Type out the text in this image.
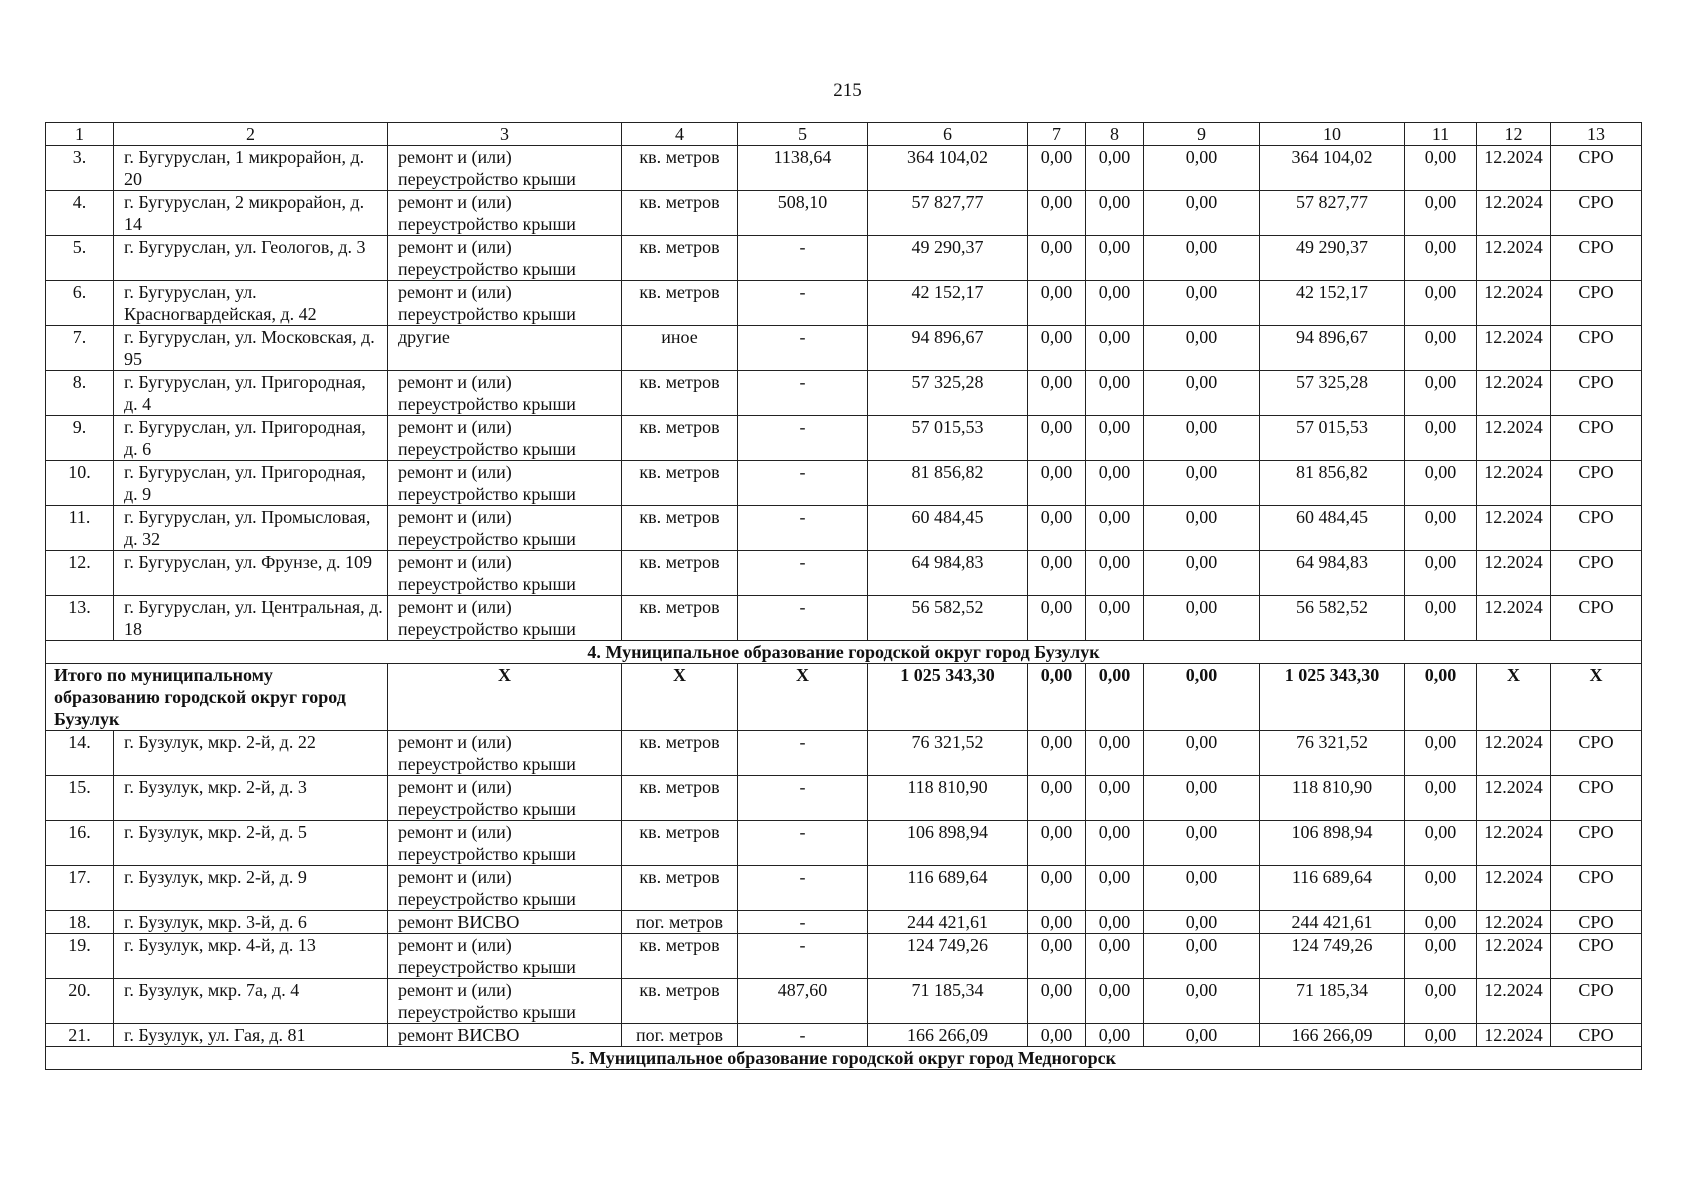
215
1	2	3	4	5	6	7	8	9	10	11	12	13
3.	г. Бугуруслан, 1 микрорайон, д. 20	ремонт и (или) переустройство крыши	кв. метров	1138,64	364 104,02	0,00	0,00	0,00	364 104,02	0,00	12.2024	СРО
4.	г. Бугуруслан, 2 микрорайон, д. 14	ремонт и (или) переустройство крыши	кв. метров	508,10	57 827,77	0,00	0,00	0,00	57 827,77	0,00	12.2024	СРО
5.	г. Бугуруслан, ул. Геологов, д. 3	ремонт и (или) переустройство крыши	кв. метров	-	49 290,37	0,00	0,00	0,00	49 290,37	0,00	12.2024	СРО
6.	г. Бугуруслан, ул. Красногвардейская, д. 42	ремонт и (или) переустройство крыши	кв. метров	-	42 152,17	0,00	0,00	0,00	42 152,17	0,00	12.2024	СРО
7.	г. Бугуруслан, ул. Московская, д. 95	другие	иное	-	94 896,67	0,00	0,00	0,00	94 896,67	0,00	12.2024	СРО
8.	г. Бугуруслан, ул. Пригородная, д. 4	ремонт и (или) переустройство крыши	кв. метров	-	57 325,28	0,00	0,00	0,00	57 325,28	0,00	12.2024	СРО
9.	г. Бугуруслан, ул. Пригородная, д. 6	ремонт и (или) переустройство крыши	кв. метров	-	57 015,53	0,00	0,00	0,00	57 015,53	0,00	12.2024	СРО
10.	г. Бугуруслан, ул. Пригородная, д. 9	ремонт и (или) переустройство крыши	кв. метров	-	81 856,82	0,00	0,00	0,00	81 856,82	0,00	12.2024	СРО
11.	г. Бугуруслан, ул. Промысловая, д. 32	ремонт и (или) переустройство крыши	кв. метров	-	60 484,45	0,00	0,00	0,00	60 484,45	0,00	12.2024	СРО
12.	г. Бугуруслан, ул. Фрунзе, д. 109	ремонт и (или) переустройство крыши	кв. метров	-	64 984,83	0,00	0,00	0,00	64 984,83	0,00	12.2024	СРО
13.	г. Бугуруслан, ул. Центральная, д. 18	ремонт и (или) переустройство крыши	кв. метров	-	56 582,52	0,00	0,00	0,00	56 582,52	0,00	12.2024	СРО
4. Муниципальное образование городской округ город Бузулук												
Итого по муниципальному образованию городской округ город Бузулук		X	X	X	1 025 343,30	0,00	0,00	0,00	1 025 343,30	0,00	X	X
14.	г. Бузулук, мкр. 2-й, д. 22	ремонт и (или) переустройство крыши	кв. метров	-	76 321,52	0,00	0,00	0,00	76 321,52	0,00	12.2024	СРО
15.	г. Бузулук, мкр. 2-й, д. 3	ремонт и (или) переустройство крыши	кв. метров	-	118 810,90	0,00	0,00	0,00	118 810,90	0,00	12.2024	СРО
16.	г. Бузулук, мкр. 2-й, д. 5	ремонт и (или) переустройство крыши	кв. метров	-	106 898,94	0,00	0,00	0,00	106 898,94	0,00	12.2024	СРО
17.	г. Бузулук, мкр. 2-й, д. 9	ремонт и (или) переустройство крыши	кв. метров	-	116 689,64	0,00	0,00	0,00	116 689,64	0,00	12.2024	СРО
18.	г. Бузулук, мкр. 3-й, д. 6	ремонт ВИСВО	пог. метров	-	244 421,61	0,00	0,00	0,00	244 421,61	0,00	12.2024	СРО
19.	г. Бузулук, мкр. 4-й, д. 13	ремонт и (или) переустройство крыши	кв. метров	-	124 749,26	0,00	0,00	0,00	124 749,26	0,00	12.2024	СРО
20.	г. Бузулук, мкр. 7а, д. 4	ремонт и (или) переустройство крыши	кв. метров	487,60	71 185,34	0,00	0,00	0,00	71 185,34	0,00	12.2024	СРО
21.	г. Бузулук, ул. Гая, д. 81	ремонт ВИСВО	пог. метров	-	166 266,09	0,00	0,00	0,00	166 266,09	0,00	12.2024	СРО
5. Муниципальное образование городской округ город Медногорск												
